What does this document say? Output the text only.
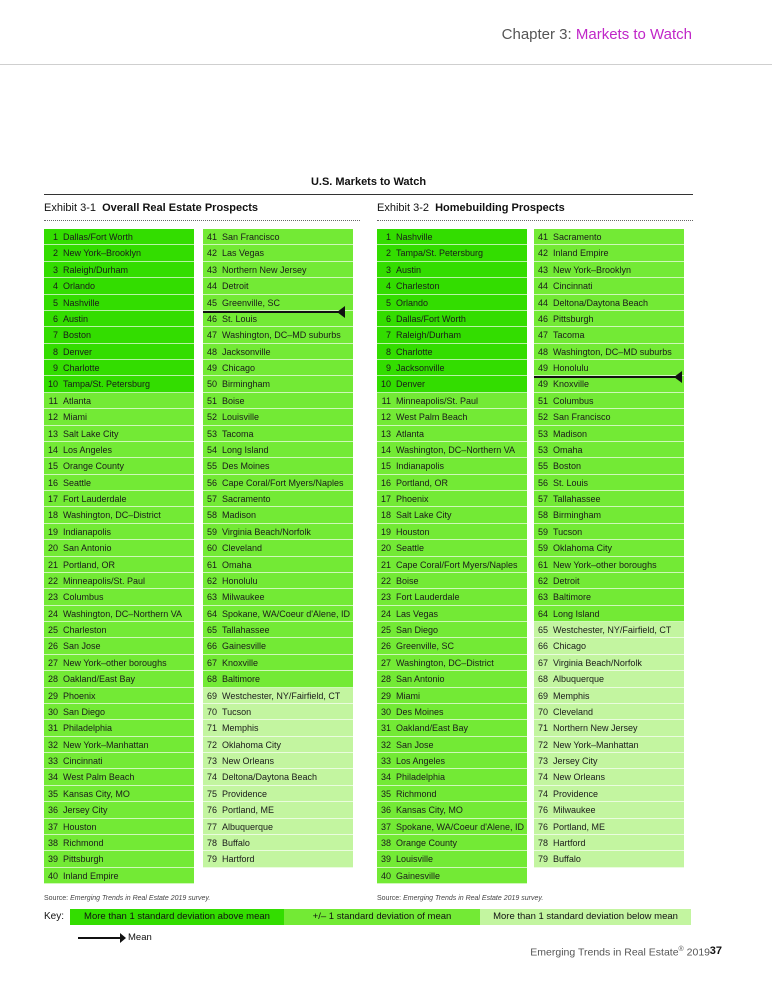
Chapter 3: Markets to Watch
U.S. Markets to Watch
Exhibit 3-1 Overall Real Estate Prospects	Exhibit 3-2 Homebuilding Prospects
1 Dallas/Fort Worth
2 New York–Brooklyn
3 Raleigh/Durham
4 Orlando
5 Nashville
6 Austin
7 Boston
8 Denver
9 Charlotte
10 Tampa/St. Petersburg
11 Atlanta
12 Miami
13 Salt Lake City
14 Los Angeles
15 Orange County
16 Seattle
17 Fort Lauderdale
18 Washington, DC–District
19 Indianapolis
20 San Antonio
21 Portland, OR
22 Minneapolis/St. Paul
23 Columbus
24 Washington, DC–Northern VA
25 Charleston
26 San Jose
27 New York–other boroughs
28 Oakland/East Bay
29 Phoenix
30 San Diego
31 Philadelphia
32 New York–Manhattan
33 Cincinnati
34 West Palm Beach
35 Kansas City, MO
36 Jersey City
37 Houston
38 Richmond
39 Pittsburgh
40 Inland Empire
41 San Francisco
42 Las Vegas
43 Northern New Jersey
44 Detroit
45 Greenville, SC
46 St. Louis
47 Washington, DC–MD suburbs
48 Jacksonville
49 Chicago
50 Birmingham
51 Boise
52 Louisville
53 Tacoma
54 Long Island
55 Des Moines
56 Cape Coral/Fort Myers/Naples
57 Sacramento
58 Madison
59 Virginia Beach/Norfolk
60 Cleveland
61 Omaha
62 Honolulu
63 Milwaukee
64 Spokane, WA/Coeur d'Alene, ID
65 Tallahassee
66 Gainesville
67 Knoxville
68 Baltimore
69 Westchester, NY/Fairfield, CT
70 Tucson
71 Memphis
72 Oklahoma City
73 New Orleans
74 Deltona/Daytona Beach
75 Providence
76 Portland, ME
77 Albuquerque
78 Buffalo
79 Hartford
1 Nashville
2 Tampa/St. Petersburg
3 Austin
4 Charleston
5 Orlando
6 Dallas/Fort Worth
7 Raleigh/Durham
8 Charlotte
9 Jacksonville
10 Denver
11 Minneapolis/St. Paul
12 West Palm Beach
13 Atlanta
14 Washington, DC–Northern VA
15 Indianapolis
16 Portland, OR
17 Phoenix
18 Salt Lake City
19 Houston
20 Seattle
21 Cape Coral/Fort Myers/Naples
22 Boise
23 Fort Lauderdale
24 Las Vegas
25 San Diego
26 Greenville, SC
27 Washington, DC–District
28 San Antonio
29 Miami
30 Des Moines
31 Oakland/East Bay
32 San Jose
33 Los Angeles
34 Philadelphia
35 Richmond
36 Kansas City, MO
37 Spokane, WA/Coeur d'Alene, ID
38 Orange County
39 Louisville
40 Gainesville
41 Sacramento
42 Inland Empire
43 New York–Brooklyn
44 Cincinnati
44 Deltona/Daytona Beach
46 Pittsburgh
47 Tacoma
48 Washington, DC–MD suburbs
49 Honolulu
49 Knoxville
51 Columbus
52 San Francisco
53 Madison
53 Omaha
55 Boston
56 St. Louis
57 Tallahassee
58 Birmingham
59 Tucson
59 Oklahoma City
61 New York–other boroughs
62 Detroit
63 Baltimore
64 Long Island
65 Westchester, NY/Fairfield, CT
66 Chicago
67 Virginia Beach/Norfolk
68 Albuquerque
69 Memphis
70 Cleveland
71 Northern New Jersey
72 New York–Manhattan
73 Jersey City
74 New Orleans
74 Providence
76 Milwaukee
76 Portland, ME
78 Hartford
79 Buffalo
Source: Emerging Trends in Real Estate 2019 survey.	Source: Emerging Trends in Real Estate 2019 survey.
Key:	More than 1 standard deviation above mean	+/– 1 standard deviation of mean	More than 1 standard deviation below mean
Mean
Emerging Trends in Real Estate® 2019 37
